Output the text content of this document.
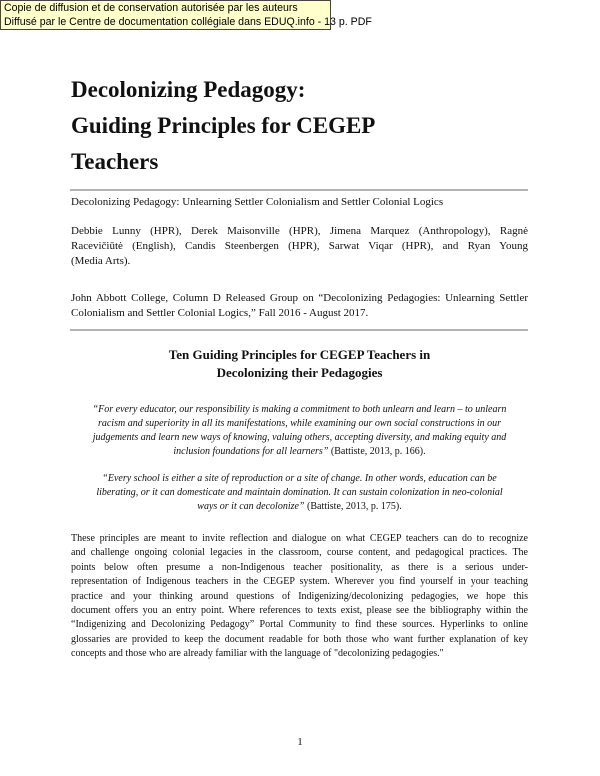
Copie de diffusion et de conservation autorisée par les auteurs
Diffusé par le Centre de documentation collégiale dans EDUQ.info - 13 p. PDF
Decolonizing Pedagogy:
Guiding Principles for CEGEP
Teachers
Decolonizing Pedagogy: Unlearning Settler Colonialism and Settler Colonial Logics
Debbie Lunny (HPR), Derek Maisonville (HPR), Jimena Marquez (Anthropology), Ragnė
Racevičiūtė (English), Candis Steenbergen (HPR), Sarwat Viqar (HPR), and Ryan Young
(Media Arts).
John Abbott College, Column D Released Group on “Decolonizing Pedagogies: Unlearning Settler
Colonialism and Settler Colonial Logics,” Fall 2016 - August 2017.
Ten Guiding Principles for CEGEP Teachers in
Decolonizing their Pedagogies
“For every educator, our responsibility is making a commitment to both unlearn and learn – to unlearn
racism and superiority in all its manifestations, while examining our own social constructions in our
judgements and learn new ways of knowing, valuing others, accepting diversity, and making equity and
inclusion foundations for all learners” (Battiste, 2013, p. 166).
“Every school is either a site of reproduction or a site of change. In other words, education can be
liberating, or it can domesticate and maintain domination. It can sustain colonization in neo-colonial
ways or it can decolonize” (Battiste, 2013, p. 175).
These principles are meant to invite reflection and dialogue on what CEGEP teachers can do to recognize
and challenge ongoing colonial legacies in the classroom, course content, and pedagogical practices. The
points below often presume a non-Indigenous teacher positionality, as there is a serious under-
representation of Indigenous teachers in the CEGEP system. Wherever you find yourself in your teaching
practice and your thinking around questions of Indigenizing/decolonizing pedagogies, we hope this
document offers you an entry point. Where references to texts exist, please see the bibliography within the
“Indigenizing and Decolonizing Pedagogy” Portal Community to find these sources. Hyperlinks to online
glossaries are provided to keep the document readable for both those who want further explanation of key
concepts and those who are already familiar with the language of "decolonizing pedagogies."
1
